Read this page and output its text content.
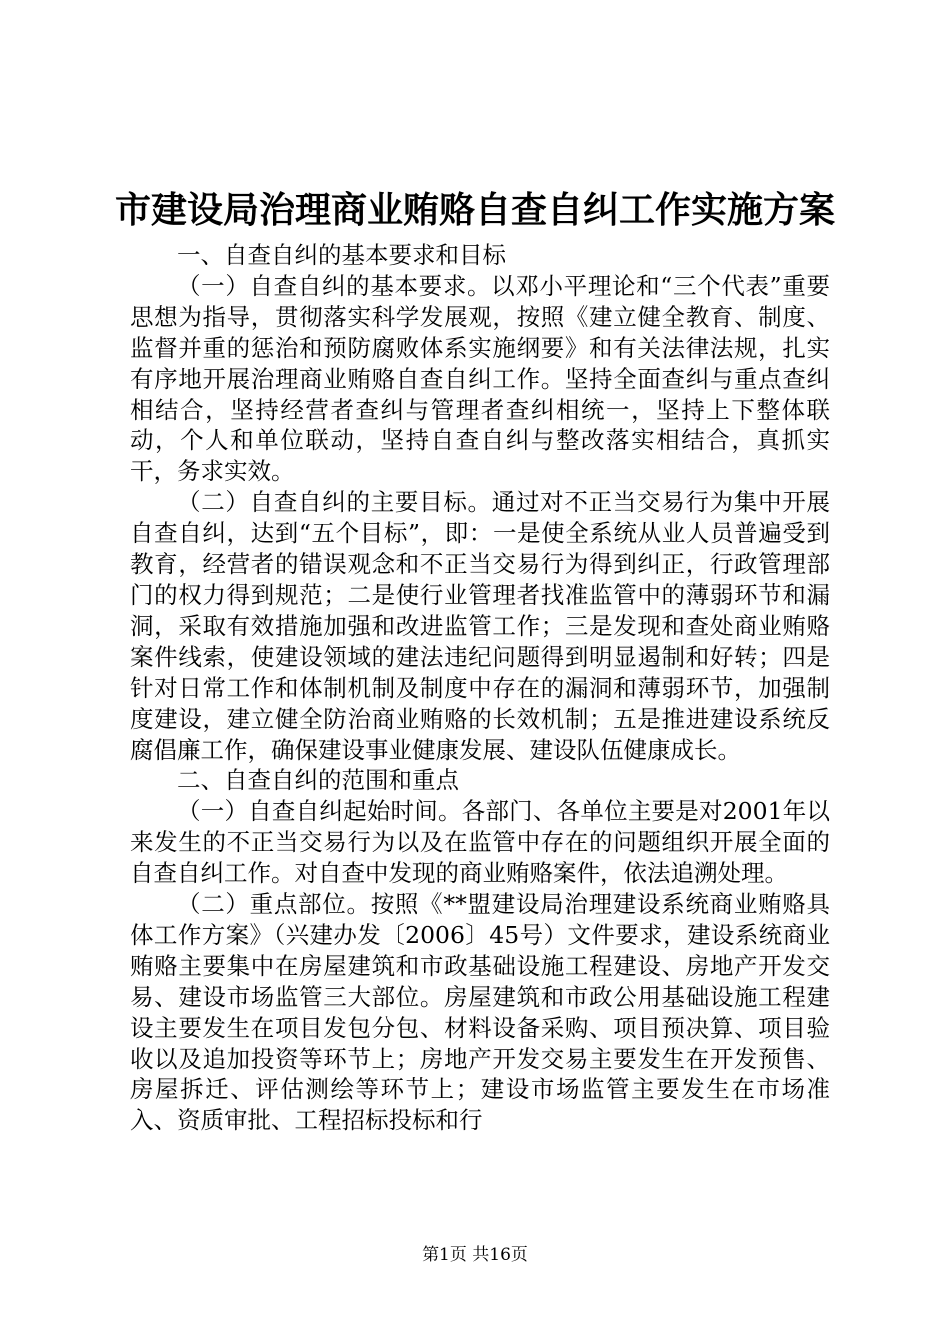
市建设局治理商业贿赂自查自纠工作实施方案

一、自查自纠的基本要求和目标

（一）自查自纠的基本要求。以邓小平理论和“三个代表”重要思想为指导，贯彻落实科学发展观，按照《建立健全教育、制度、监督并重的惩治和预防腐败体系实施纲要》和有关法律法规，扎实有序地开展治理商业贿赂自查自纠工作。坚持全面查纠与重点查纠相结合，坚持经营者查纠与管理者查纠相统一，坚持上下整体联动，个人和单位联动，坚持自查自纠与整改落实相结合，真抓实干，务求实效。

（二）自查自纠的主要目标。通过对不正当交易行为集中开展自查自纠，达到“五个目标”，即：一是使全系统从业人员普遍受到教育，经营者的错误观念和不正当交易行为得到纠正，行政管理部门的权力得到规范；二是使行业管理者找准监管中的薄弱环节和漏洞，采取有效措施加强和改进监管工作；三是发现和查处商业贿赂案件线索，使建设领域的建法违纪问题得到明显遏制和好转；四是针对日常工作和体制机制及制度中存在的漏洞和薄弱环节，加强制度建设，建立健全防治商业贿赂的长效机制；五是推进建设系统反腐倡廉工作，确保建设事业健康发展、建设队伍健康成长。

二、自查自纠的范围和重点

（一）自查自纠起始时间。各部门、各单位主要是对2001年以来发生的不正当交易行为以及在监管中存在的问题组织开展全面的自查自纠工作。对自查中发现的商业贿赂案件，依法追溯处理。

（二）重点部位。按照《**盟建设局治理建设系统商业贿赂具体工作方案》（兴建办发〔2006〕45号）文件要求，建设系统商业贿赂主要集中在房屋建筑和市政基础设施工程建设、房地产开发交易、建设市场监管三大部位。房屋建筑和市政公用基础设施工程建设主要发生在项目发包分包、材料设备采购、项目预决算、项目验收以及追加投资等环节上；房地产开发交易主要发生在开发预售、房屋拆迁、评估测绘等环节上；建设市场监管主要发生在市场准入、资质审批、工程招标投标和行

第1页 共16页
